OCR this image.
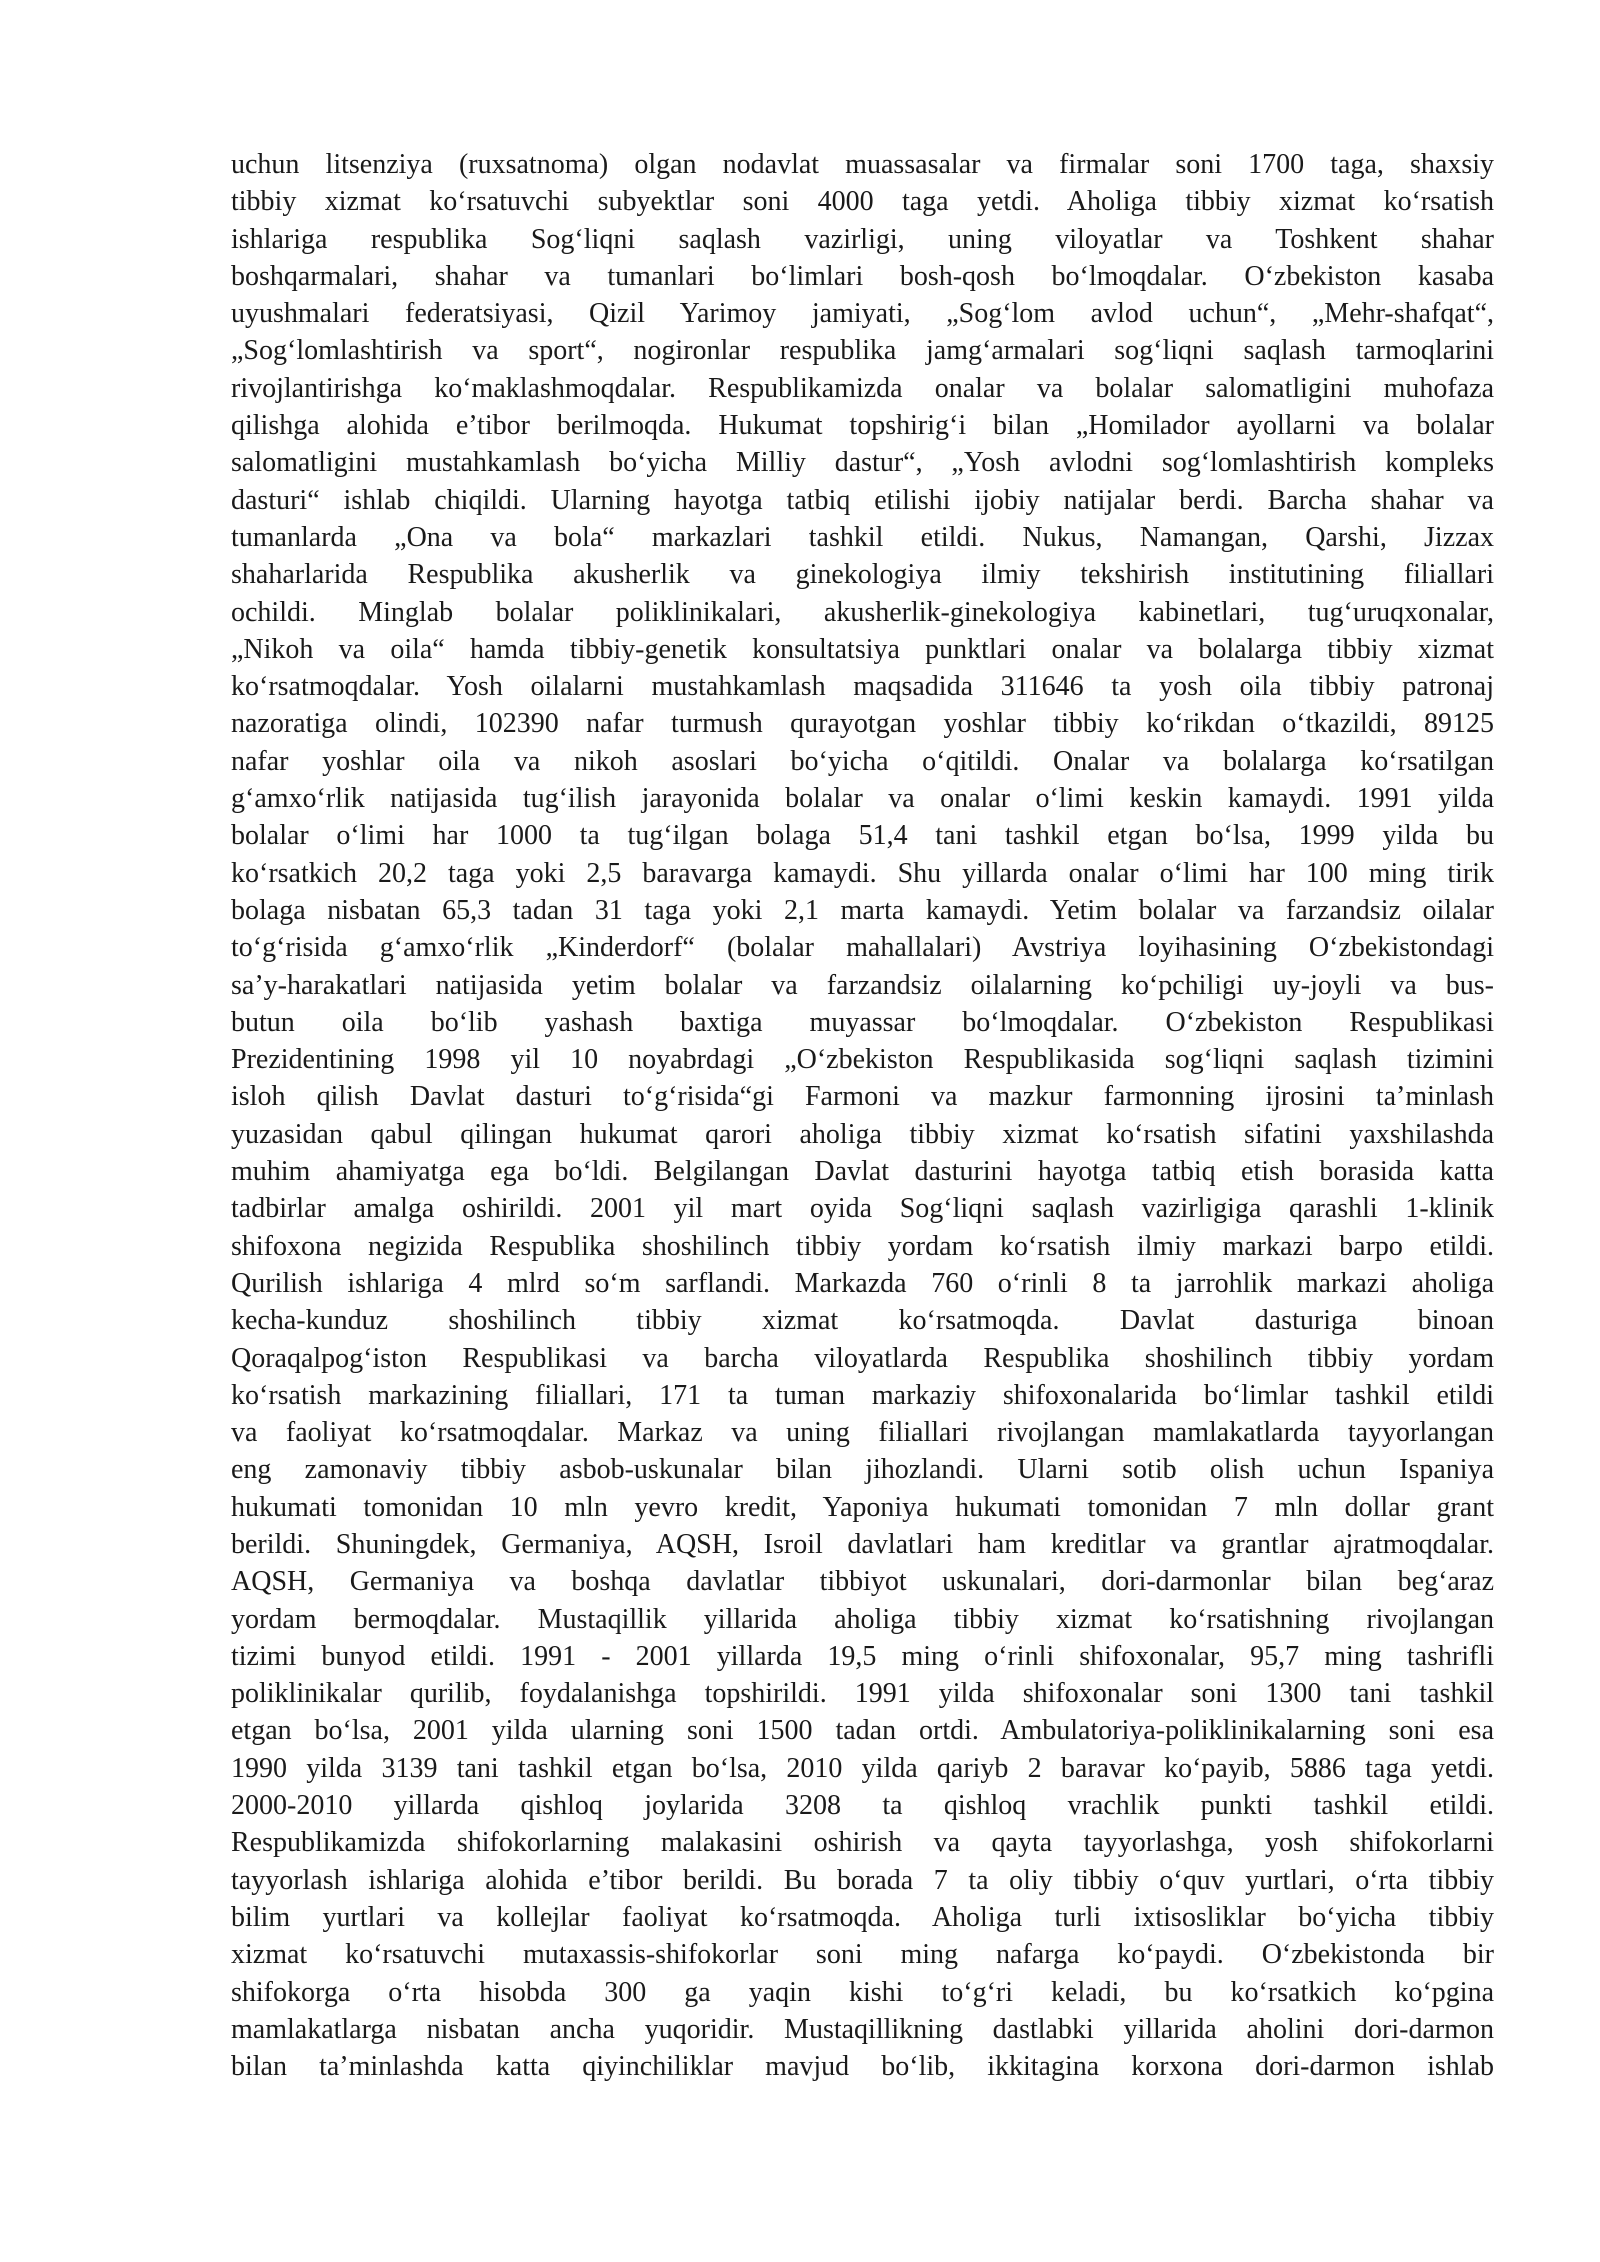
uchun litsenziya (ruxsatnoma) olgan nodavlat muassasalar va firmalar soni 1700 taga, shaxsiy
tibbiy xizmat koʻrsatuvchi subyektlar soni 4000 taga yetdi. Aholiga tibbiy xizmat koʻrsatish
ishlariga respublika Sogʻliqni saqlash vazirligi, uning viloyatlar va Toshkent shahar
boshqarmalari, shahar va tumanlari boʻlimlari bosh-qosh boʻlmoqdalar. Oʻzbekiston kasaba
uyushmalari federatsiyasi, Qizil Yarimoy jamiyati, „Sogʻlom avlod uchun“, „Mehr-shafqat“,
„Sogʻlomlashtirish va sport“, nogironlar respublika jamgʻarmalari sogʻliqni saqlash tarmoqlarini
rivojlantirishga koʻmaklashmoqdalar. Respublikamizda onalar va bolalar salomatligini muhofaza
qilishga alohida e’tibor berilmoqda. Hukumat topshirigʻi bilan „Homilador ayollarni va bolalar
salomatligini mustahkamlash boʻyicha Milliy dastur“, „Yosh avlodni sogʻlomlashtirish kompleks
dasturi“ ishlab chiqildi. Ularning hayotga tatbiq etilishi ijobiy natijalar berdi. Barcha shahar va
tumanlarda „Ona va bola“ markazlari tashkil etildi. Nukus, Namangan, Qarshi, Jizzax
shaharlarida Respublika akusherlik va ginekologiya ilmiy tekshirish institutining filiallari
ochildi. Minglab bolalar poliklinikalari, akusherlik-ginekologiya kabinetlari, tugʻuruqxonalar,
„Nikoh va oila“ hamda tibbiy-genetik konsultatsiya punktlari onalar va bolalarga tibbiy xizmat
koʻrsatmoqdalar. Yosh oilalarni mustahkamlash maqsadida 311646 ta yosh oila tibbiy patronaj
nazoratiga olindi, 102390 nafar turmush qurayotgan yoshlar tibbiy koʻrikdan oʻtkazildi, 89125
nafar yoshlar oila va nikoh asoslari boʻyicha oʻqitildi. Onalar va bolalarga koʻrsatilgan
gʻamxoʻrlik natijasida tugʻilish jarayonida bolalar va onalar oʻlimi keskin kamaydi. 1991 yilda
bolalar oʻlimi har 1000 ta tugʻilgan bolaga 51,4 tani tashkil etgan boʻlsa, 1999 yilda bu
koʻrsatkich 20,2 taga yoki 2,5 baravarga kamaydi. Shu yillarda onalar oʻlimi har 100 ming tirik
bolaga nisbatan 65,3 tadan 31 taga yoki 2,1 marta kamaydi. Yetim bolalar va farzandsiz oilalar
toʻgʻrisida gʻamxoʻrlik „Kinderdorf“ (bolalar mahallalari) Avstriya loyihasining Oʻzbekistondagi
sa’y-harakatlari natijasida yetim bolalar va farzandsiz oilalarning koʻpchiligi uy-joyli va bus-
butun oila boʻlib yashash baxtiga muyassar boʻlmoqdalar. Oʻzbekiston Respublikasi
Prezidentining 1998 yil 10 noyabrdagi „Oʻzbekiston Respublikasida sogʻliqni saqlash tizimini
isloh qilish Davlat dasturi toʻgʻrisida“gi Farmoni va mazkur farmonning ijrosini ta’minlash
yuzasidan qabul qilingan hukumat qarori aholiga tibbiy xizmat koʻrsatish sifatini yaxshilashda
muhim ahamiyatga ega boʻldi. Belgilangan Davlat dasturini hayotga tatbiq etish borasida katta
tadbirlar amalga oshirildi. 2001 yil mart oyida Sogʻliqni saqlash vazirligiga qarashli 1-klinik
shifoxona negizida Respublika shoshilinch tibbiy yordam koʻrsatish ilmiy markazi barpo etildi.
Qurilish ishlariga 4 mlrd soʻm sarflandi. Markazda 760 oʻrinli 8 ta jarrohlik markazi aholiga
kecha-kunduz shoshilinch tibbiy xizmat koʻrsatmoqda. Davlat dasturiga binoan
Qoraqalpogʻiston Respublikasi va barcha viloyatlarda Respublika shoshilinch tibbiy yordam
koʻrsatish markazining filiallari, 171 ta tuman markaziy shifoxonalarida boʻlimlar tashkil etildi
va faoliyat koʻrsatmoqdalar. Markaz va uning filiallari rivojlangan mamlakatlarda tayyorlangan
eng zamonaviy tibbiy asbob-uskunalar bilan jihozlandi. Ularni sotib olish uchun Ispaniya
hukumati tomonidan 10 mln yevro kredit, Yaponiya hukumati tomonidan 7 mln dollar grant
berildi. Shuningdek, Germaniya, AQSH, Isroil davlatlari ham kreditlar va grantlar ajratmoqdalar.
AQSH, Germaniya va boshqa davlatlar tibbiyot uskunalari, dori-darmonlar bilan begʻaraz
yordam bermoqdalar. Mustaqillik yillarida aholiga tibbiy xizmat koʻrsatishning rivojlangan
tizimi bunyod etildi. 1991 - 2001 yillarda 19,5 ming oʻrinli shifoxonalar, 95,7 ming tashrifli
poliklinikalar qurilib, foydalanishga topshirildi. 1991 yilda shifoxonalar soni 1300 tani tashkil
etgan boʻlsa, 2001 yilda ularning soni 1500 tadan ortdi. Ambulatoriya-poliklinikalarning soni esa
1990 yilda 3139 tani tashkil etgan boʻlsa, 2010 yilda qariyb 2 baravar koʻpayib, 5886 taga yetdi.
2000-2010 yillarda qishloq joylarida 3208 ta qishloq vrachlik punkti tashkil etildi.
Respublikamizda shifokorlarning malakasini oshirish va qayta tayyorlashga, yosh shifokorlarni
tayyorlash ishlariga alohida e’tibor berildi. Bu borada 7 ta oliy tibbiy oʻquv yurtlari, oʻrta tibbiy
bilim yurtlari va kollejlar faoliyat koʻrsatmoqda. Aholiga turli ixtisosliklar boʻyicha tibbiy
xizmat koʻrsatuvchi mutaxassis-shifokorlar soni ming nafarga koʻpaydi. Oʻzbekistonda bir
shifokorga oʻrta hisobda 300 ga yaqin kishi toʻgʻri keladi, bu koʻrsatkich koʻpgina
mamlakatlarga nisbatan ancha yuqoridir. Mustaqillikning dastlabki yillarida aholini dori-darmon
bilan ta’minlashda katta qiyinchiliklar mavjud boʻlib, ikkitagina korxona dori-darmon ishlab
